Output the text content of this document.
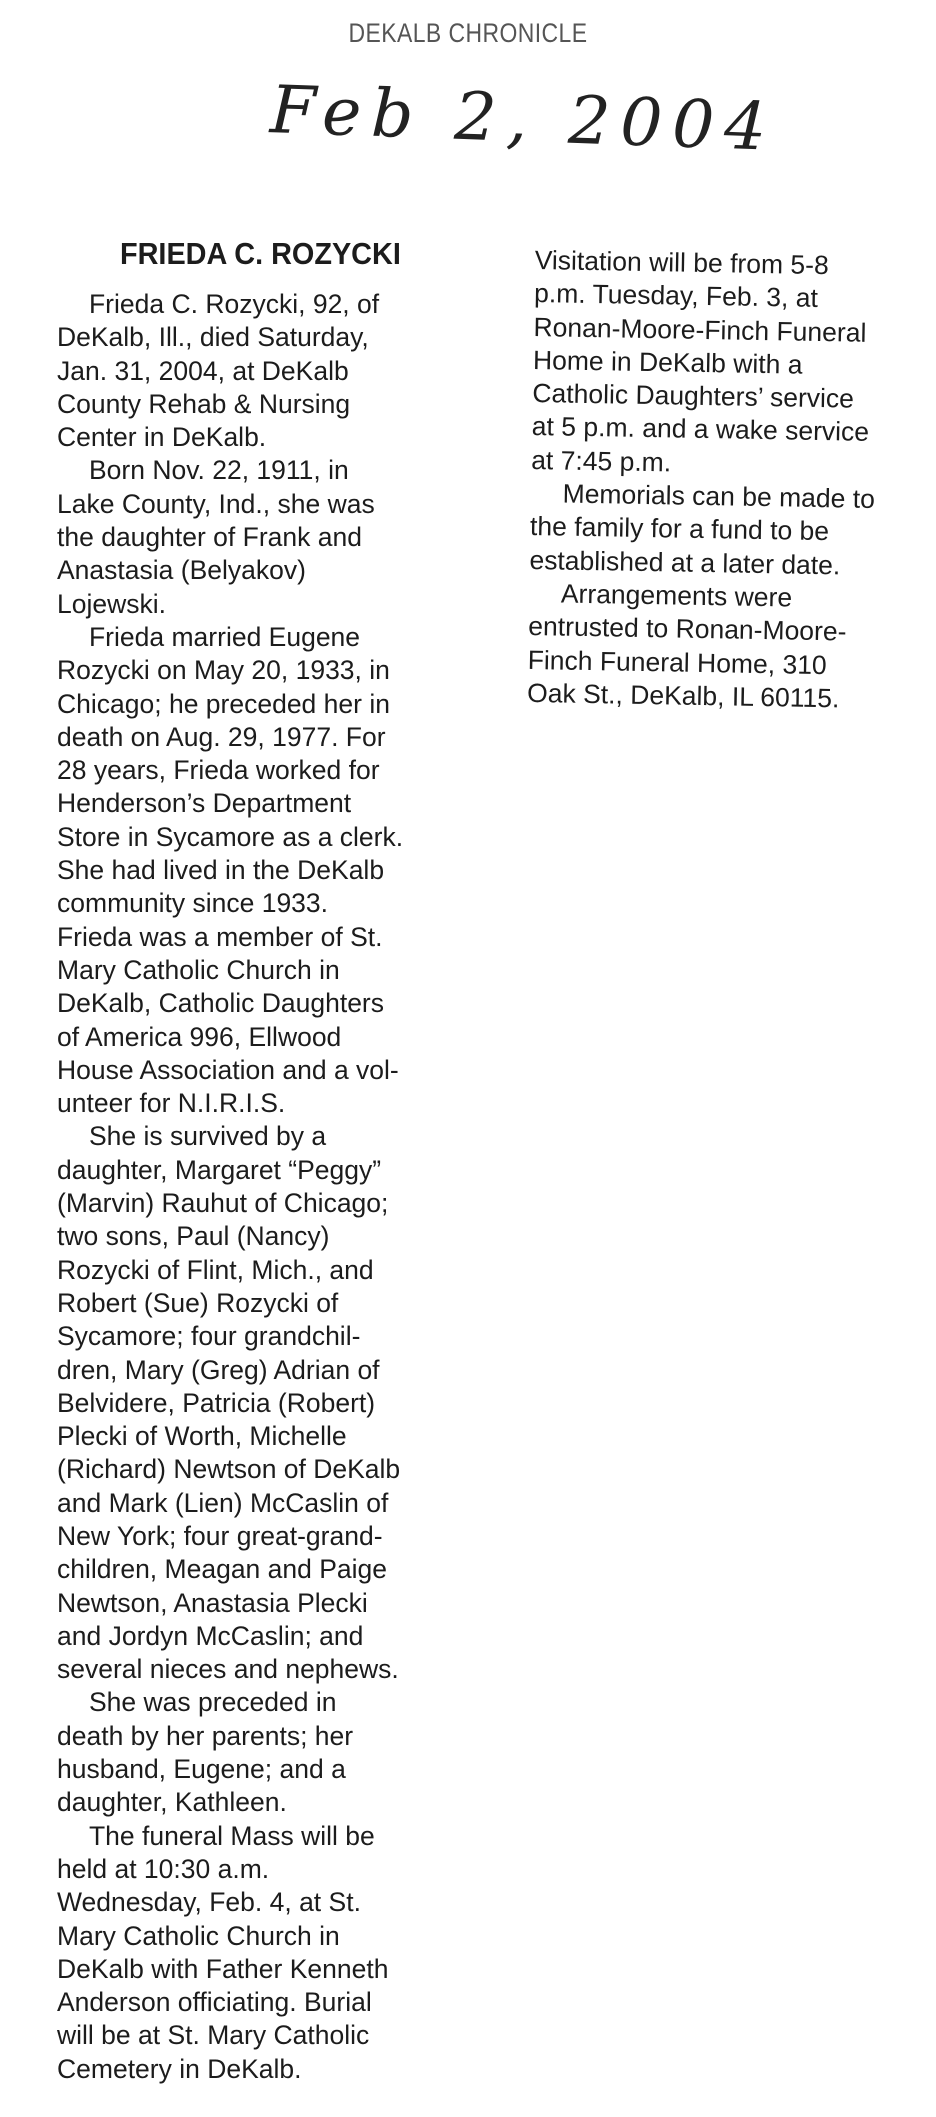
DEKALB CHRONICLE
Feb 2, 2004
FRIEDA C. ROZYCKI
Frieda C. Rozycki, 92, of
DeKalb, Ill., died Saturday,
Jan. 31, 2004, at DeKalb
County Rehab & Nursing
Center in DeKalb.
Born Nov. 22, 1911, in
Lake County, Ind., she was
the daughter of Frank and
Anastasia (Belyakov)
Lojewski.
Frieda married Eugene
Rozycki on May 20, 1933, in
Chicago; he preceded her in
death on Aug. 29, 1977. For
28 years, Frieda worked for
Henderson’s Department
Store in Sycamore as a clerk.
She had lived in the DeKalb
community since 1933.
Frieda was a member of St.
Mary Catholic Church in
DeKalb, Catholic Daughters
of America 996, Ellwood
House Association and a vol-
unteer for N.I.R.I.S.
She is survived by a
daughter, Margaret “Peggy”
(Marvin) Rauhut of Chicago;
two sons, Paul (Nancy)
Rozycki of Flint, Mich., and
Robert (Sue) Rozycki of
Sycamore; four grandchil-
dren, Mary (Greg) Adrian of
Belvidere, Patricia (Robert)
Plecki of Worth, Michelle
(Richard) Newtson of DeKalb
and Mark (Lien) McCaslin of
New York; four great-grand-
children, Meagan and Paige
Newtson, Anastasia Plecki
and Jordyn McCaslin; and
several nieces and nephews.
She was preceded in
death by her parents; her
husband, Eugene; and a
daughter, Kathleen.
The funeral Mass will be
held at 10:30 a.m.
Wednesday, Feb. 4, at St.
Mary Catholic Church in
DeKalb with Father Kenneth
Anderson officiating. Burial
will be at St. Mary Catholic
Cemetery in DeKalb.
Visitation will be from 5-8
p.m. Tuesday, Feb. 3, at
Ronan-Moore-Finch Funeral
Home in DeKalb with a
Catholic Daughters’ service
at 5 p.m. and a wake service
at 7:45 p.m.
Memorials can be made to
the family for a fund to be
established at a later date.
Arrangements were
entrusted to Ronan-Moore-
Finch Funeral Home, 310
Oak St., DeKalb, IL 60115.
